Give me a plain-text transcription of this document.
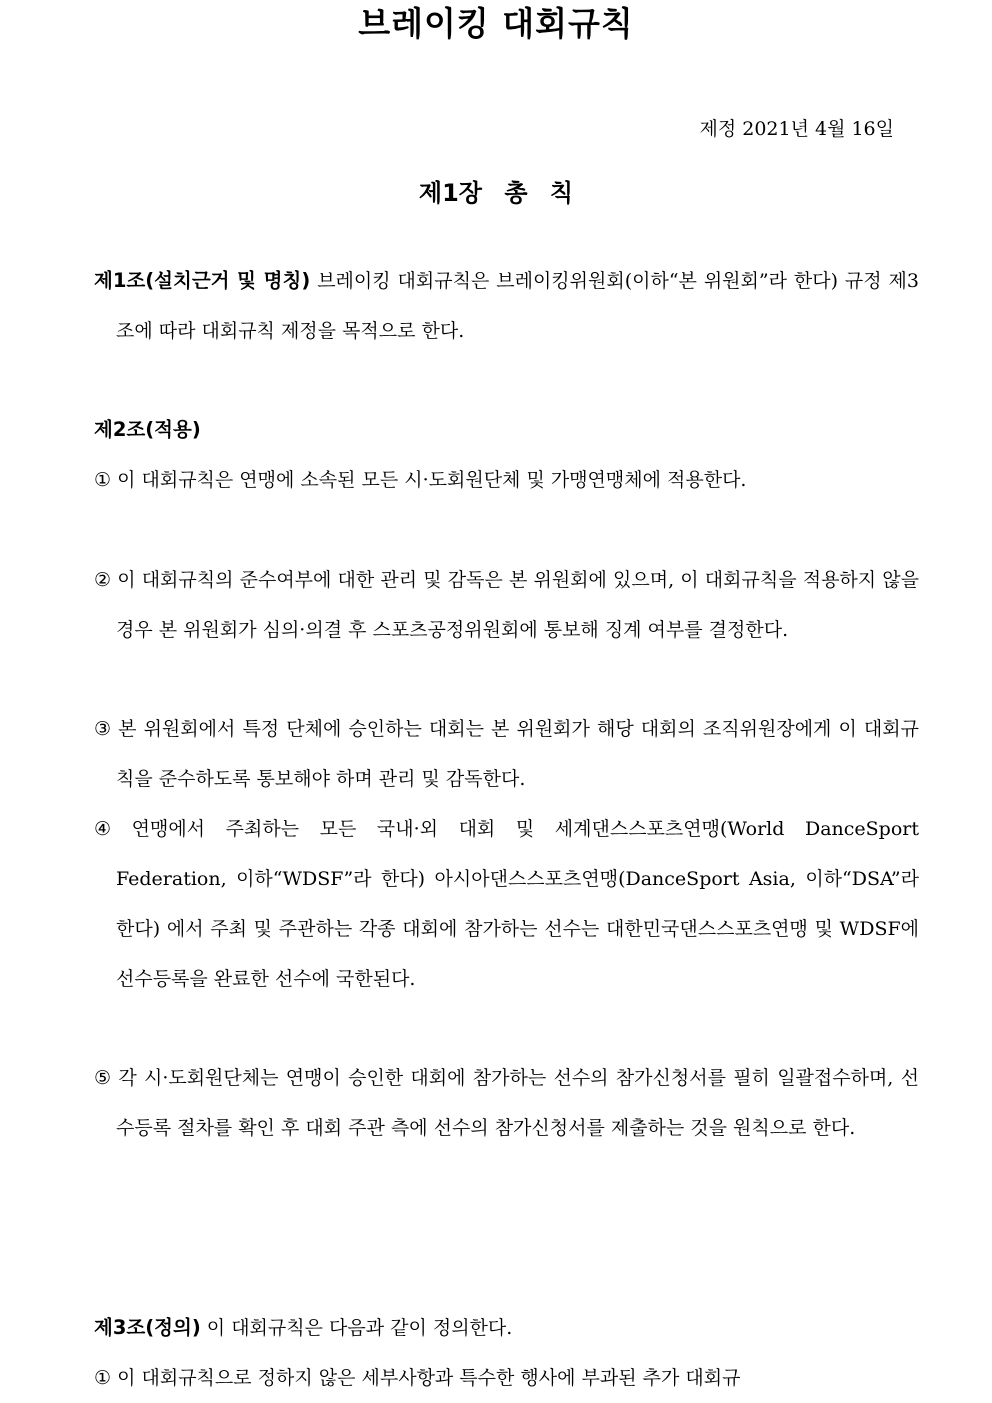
브레이킹 대회규칙
제정 2021년 4월 16일
제1장 총 칙
제1조(설치근거 및 명칭) 브레이킹 대회규칙은 브레이킹위원회(이하“본 위원회”라 한다) 규정 제3조에 따라 대회규칙 제정을 목적으로 한다.
제2조(적용)
① 이 대회규칙은 연맹에 소속된 모든 시·도회원단체 및 가맹연맹체에 적용한다.
② 이 대회규칙의 준수여부에 대한 관리 및 감독은 본 위원회에 있으며, 이 대회규칙을 적용하지 않을 경우 본 위원회가 심의·의결 후 스포츠공정위원회에 통보해 징계 여부를 결정한다.
③ 본 위원회에서 특정 단체에 승인하는 대회는 본 위원회가 해당 대회의 조직위원장에게 이 대회규칙을 준수하도록 통보해야 하며 관리 및 감독한다.
④ 연맹에서 주최하는 모든 국내·외 대회 및 세계댄스스포츠연맹(World DanceSport Federation, 이하“WDSF”라 한다) 아시아댄스스포츠연맹(DanceSport Asia, 이하“DSA”라 한다) 에서 주최 및 주관하는 각종 대회에 참가하는 선수는 대한민국댄스스포츠연맹 및 WDSF에 선수등록을 완료한 선수에 국한된다.
⑤ 각 시·도회원단체는 연맹이 승인한 대회에 참가하는 선수의 참가신청서를 필히 일괄접수하며, 선수등록 절차를 확인 후 대회 주관 측에 선수의 참가신청서를 제출하는 것을 원칙으로 한다.
제3조(정의) 이 대회규칙은 다음과 같이 정의한다.
① 이 대회규칙으로 정하지 않은 세부사항과 특수한 행사에 부과된 추가 대회규
